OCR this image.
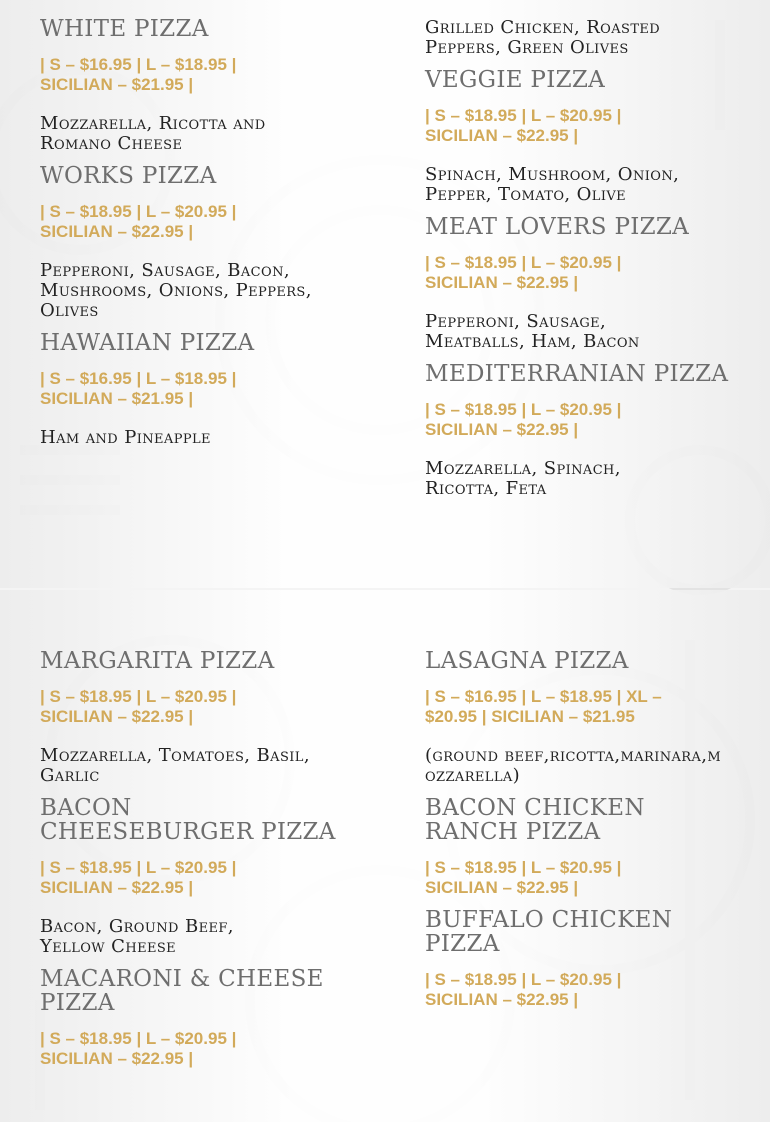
WHITE PIZZA

| S – $16.95 | L – $18.95 | SICILIAN – $21.95 |

Mozzarella, Ricotta and Romano Cheese

WORKS PIZZA

| S – $18.95 | L – $20.95 | SICILIAN – $22.95 |

Pepperoni, Sausage, Bacon, Mushrooms, Onions, Peppers, Olives

HAWAIIAN PIZZA

| S – $16.95 | L – $18.95 | SICILIAN – $21.95 |

Ham and Pineapple

Grilled Chicken, Roasted Peppers, Green Olives

VEGGIE PIZZA

| S – $18.95 | L – $20.95 | SICILIAN – $22.95 |

Spinach, Mushroom, Onion, Pepper, Tomato, Olive

MEAT LOVERS PIZZA

| S – $18.95 | L – $20.95 | SICILIAN – $22.95 |

Pepperoni, Sausage, Meatballs, Ham, Bacon

MEDITERRANIAN PIZZA

| S – $18.95 | L – $20.95 | SICILIAN – $22.95 |

Mozzarella, Spinach, Ricotta, Feta

MARGARITA PIZZA

| S – $18.95 | L – $20.95 | SICILIAN – $22.95 |

Mozzarella, Tomatoes, Basil, Garlic

BACON CHEESEBURGER PIZZA

| S – $18.95 | L – $20.95 | SICILIAN – $22.95 |

Bacon, Ground Beef, Yellow Cheese

MACARONI & CHEESE PIZZA

| S – $18.95 | L – $20.95 | SICILIAN – $22.95 |

LASAGNA PIZZA

| S – $16.95 | L – $18.95 | XL – $20.95 | SICILIAN – $21.95

(ground beef,ricotta,marinara,mozzarella)

BACON CHICKEN RANCH PIZZA

| S – $18.95 | L – $20.95 | SICILIAN – $22.95 |

BUFFALO CHICKEN PIZZA

| S – $18.95 | L – $20.95 | SICILIAN – $22.95 |
